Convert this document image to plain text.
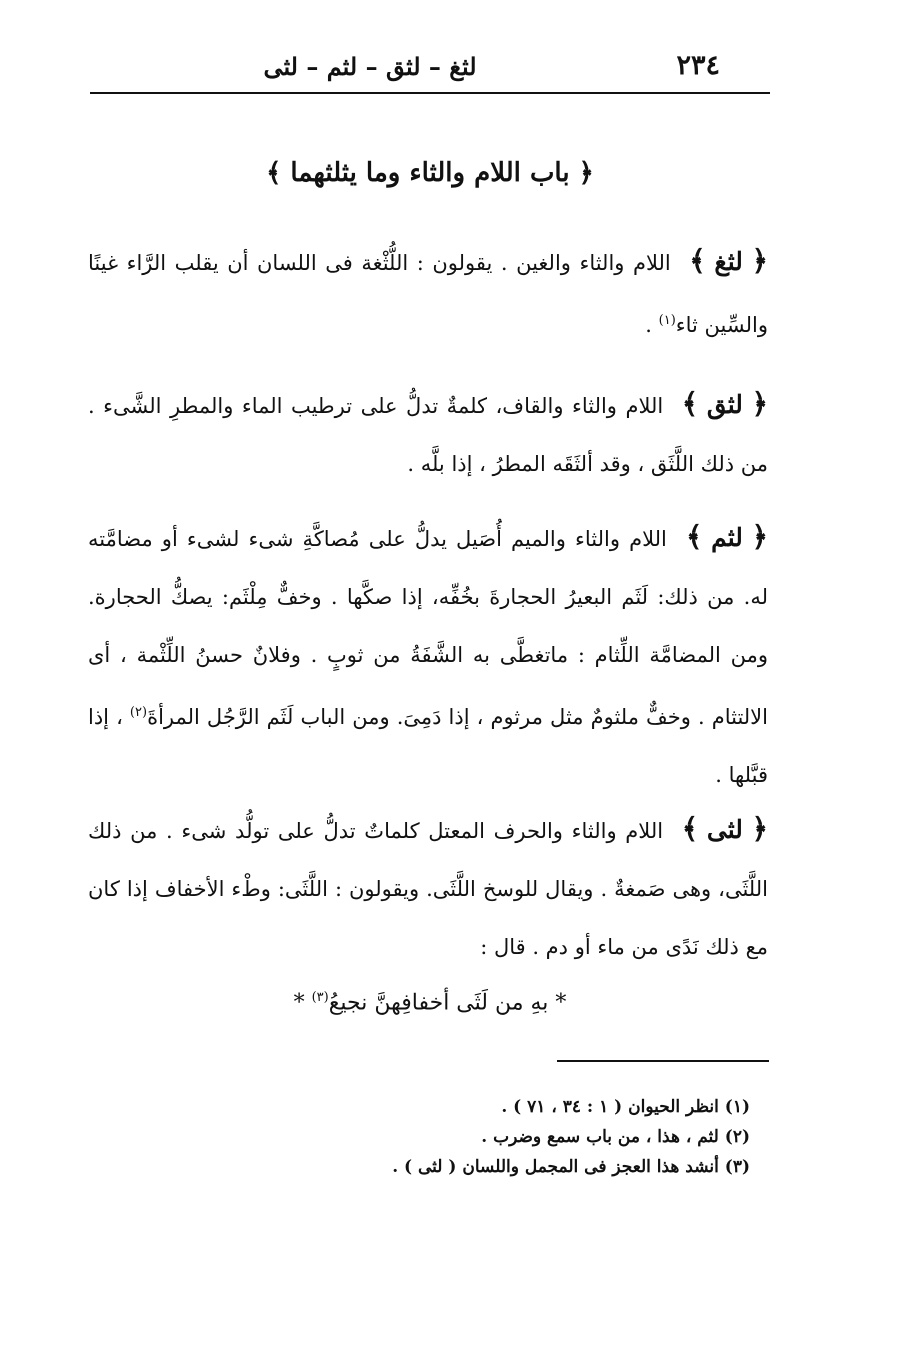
٢٣٤
لثغ – لثق – لثم – لثى
﴿ باب اللام والثاء وما يثلثهما ﴾
﴿ لثغ ﴾ اللام والثاء والغين . يقولون : اللُّثْغة فى اللسان أن يقلب الرَّاء غينًا والسِّين ثاء$^{(١)}$ .
﴿ لثق ﴾ اللام والثاء والقاف، كلمةٌ تدلُّ على ترطيب الماء والمطرِ الشَّىء . من ذلك اللَّثَق ، وقد ألثَقَه المطرُ ، إذا بلَّه .
﴿ لثم ﴾ اللام والثاء والميم أُصَيل يدلُّ على مُصاكَّةِ شىء لشىء أو مضامَّته له. من ذلك: لَثَم البعيرُ الحجارةَ بخُفِّه، إذا صكَّها . وخفٌّ مِلْثَم: يصكُّ الحجارة. ومن المضامَّة اللِّثام : ماتغطَّى به الشَّفَةُ من ثوبٍ . وفلانٌ حسنُ اللِّثْمة ، أى الالتثام . وخفٌّ ملثومٌ مثل مرثوم ، إذا دَمِىَ. ومن الباب لَثَم الرَّجُل المرأةَ$^{(٢)}$ ، إذا قبَّلها .
﴿ لثى ﴾ اللام والثاء والحرف المعتل كلماتٌ تدلُّ على تولُّد شىء . من ذلك اللَّثَى، وهى صَمغةٌ . ويقال للوسخ اللَّثَى. ويقولون : اللَّثَى: وطْء الأخفاف إذا كان مع ذلك نَدًى من ماء أو دم . قال :
* بهِ من لَثَى أخفافِهنَّ نجيعُ$^{(٣)}$ *
(١) انظر الحيوان ( ١ : ٣٤ ، ٧١ ) .
(٢) لثم ، هذا ، من باب سمع وضرب .
(٣) أنشد هذا العجز فى المجمل واللسان ( لثى ) .
